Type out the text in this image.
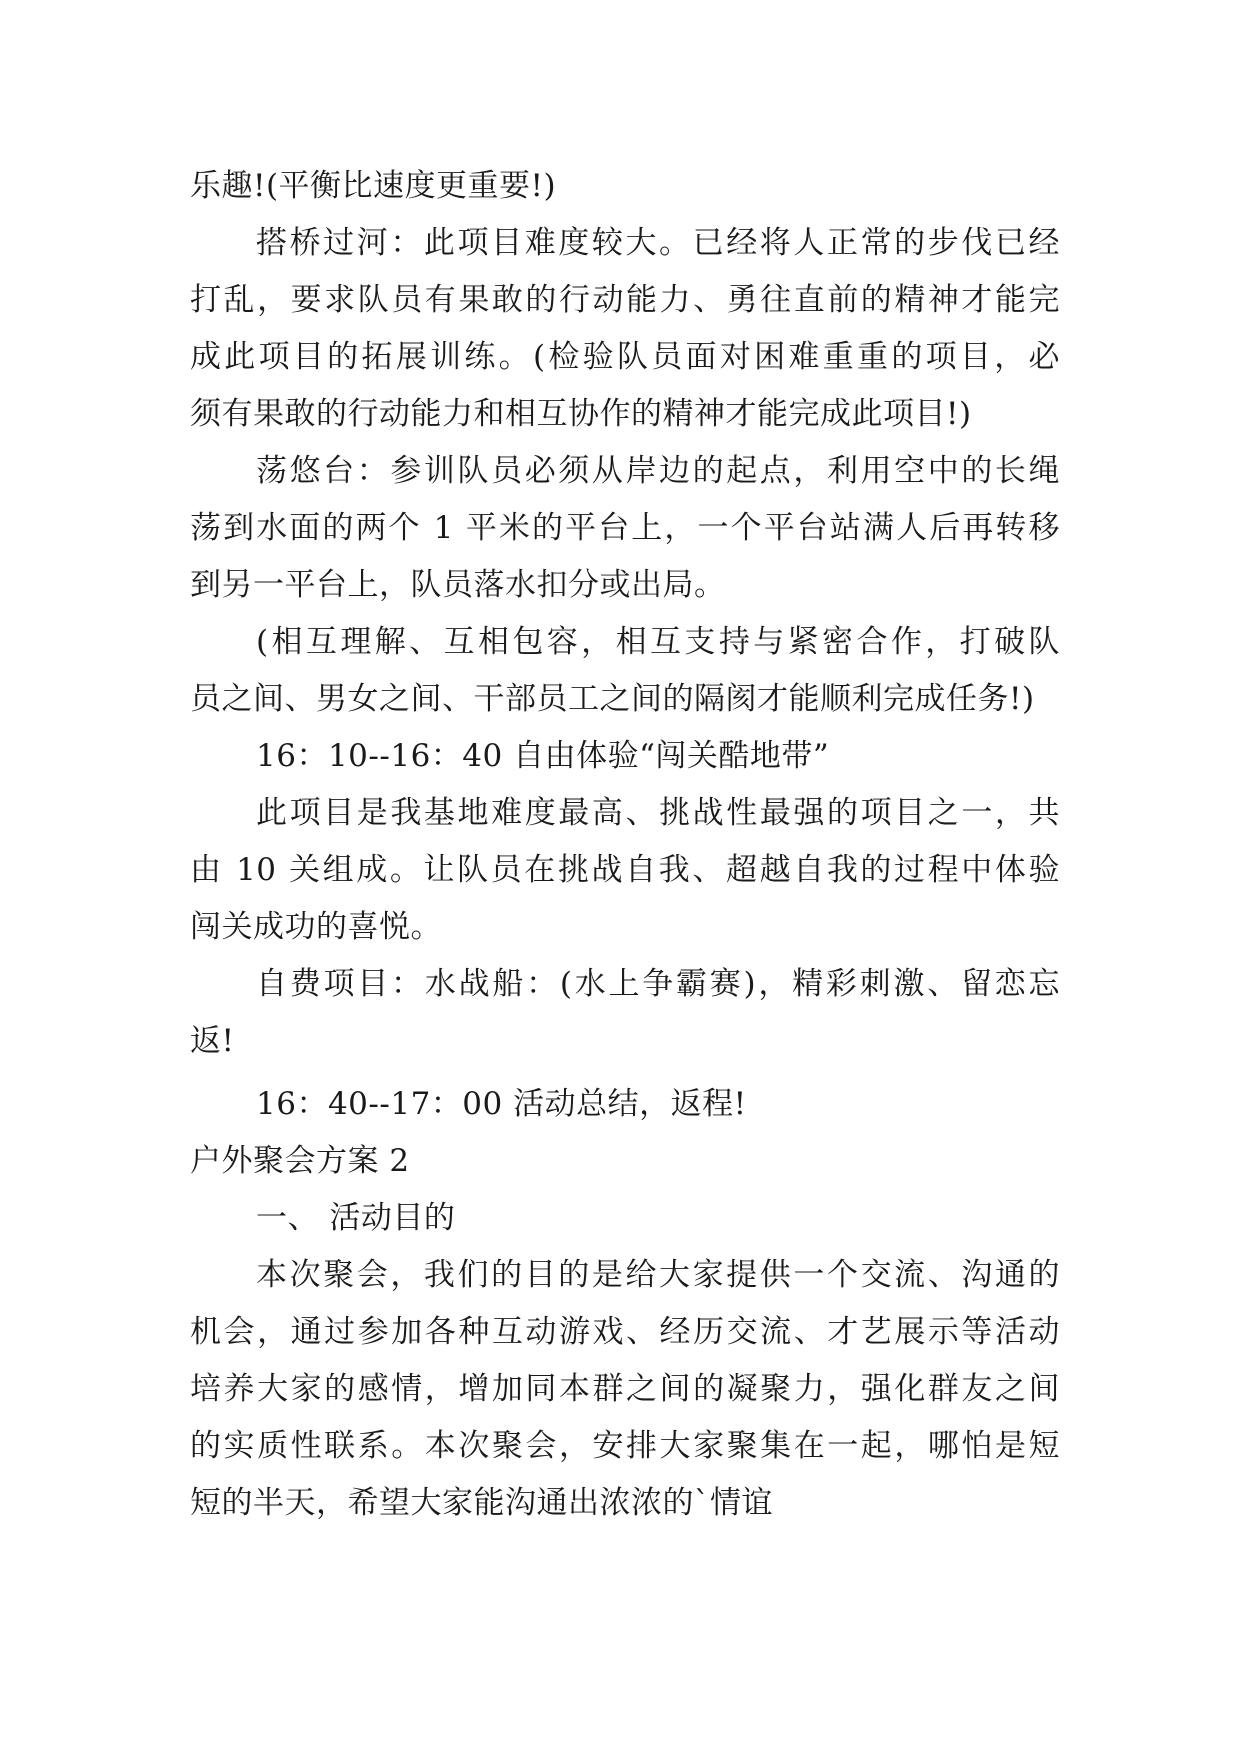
乐趣!(平衡比速度更重要!)
搭桥过河：此项目难度较大。已经将人正常的步伐已经
打乱，要求队员有果敢的行动能力、勇往直前的精神才能完
成此项目的拓展训练。(检验队员面对困难重重的项目，必
须有果敢的行动能力和相互协作的精神才能完成此项目!)
荡悠台：参训队员必须从岸边的起点，利用空中的长绳
荡到水面的两个 1 平米的平台上，一个平台站满人后再转移
到另一平台上，队员落水扣分或出局。
(相互理解、互相包容，相互支持与紧密合作，打破队
员之间、男女之间、干部员工之间的隔阂才能顺利完成任务!)
16：10--16：40 自由体验“闯关酷地带”
此项目是我基地难度最高、挑战性最强的项目之一，共
由 10 关组成。让队员在挑战自我、超越自我的过程中体验
闯关成功的喜悦。
自费项目：水战船：(水上争霸赛)，精彩刺激、留恋忘
返!
16：40--17：00 活动总结，返程!
户外聚会方案 2
一、 活动目的
本次聚会，我们的目的是给大家提供一个交流、沟通的
机会，通过参加各种互动游戏、经历交流、才艺展示等活动
培养大家的感情，增加同本群之间的凝聚力，强化群友之间
的实质性联系。本次聚会，安排大家聚集在一起，哪怕是短
短的半天，希望大家能沟通出浓浓的`情谊
